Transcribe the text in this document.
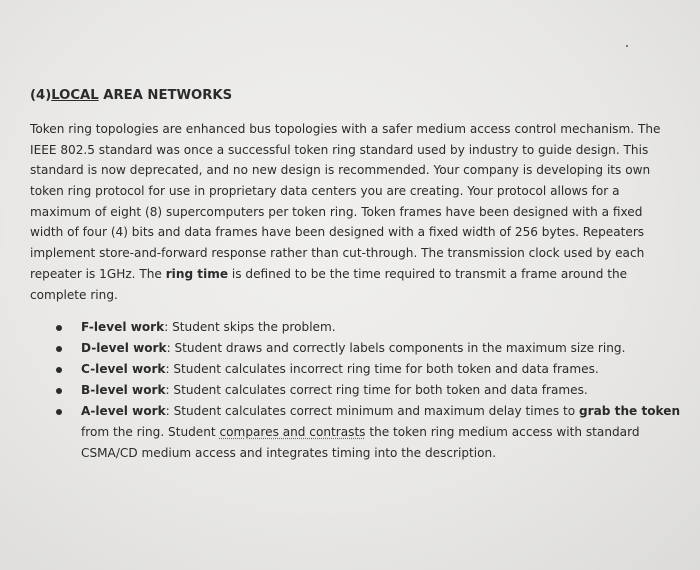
(4)LOCAL AREA NETWORKS
Token ring topologies are enhanced bus topologies with a safer medium access control mechanism. The
IEEE 802.5 standard was once a successful token ring standard used by industry to guide design. This
standard is now deprecated, and no new design is recommended. Your company is developing its own
token ring protocol for use in proprietary data centers you are creating. Your protocol allows for a
maximum of eight (8) supercomputers per token ring. Token frames have been designed with a fixed
width of four (4) bits and data frames have been designed with a fixed width of 256 bytes. Repeaters
implement store-and-forward response rather than cut-through. The transmission clock used by each
repeater is 1GHz. The ring time is defined to be the time required to transmit a frame around the
complete ring.
F-level work: Student skips the problem.
D-level work: Student draws and correctly labels components in the maximum size ring.
C-level work: Student calculates incorrect ring time for both token and data frames.
B-level work: Student calculates correct ring time for both token and data frames.
A-level work: Student calculates correct minimum and maximum delay times to grab the token
from the ring. Student compares and contrasts the token ring medium access with standard
CSMA/CD medium access and integrates timing into the description.
